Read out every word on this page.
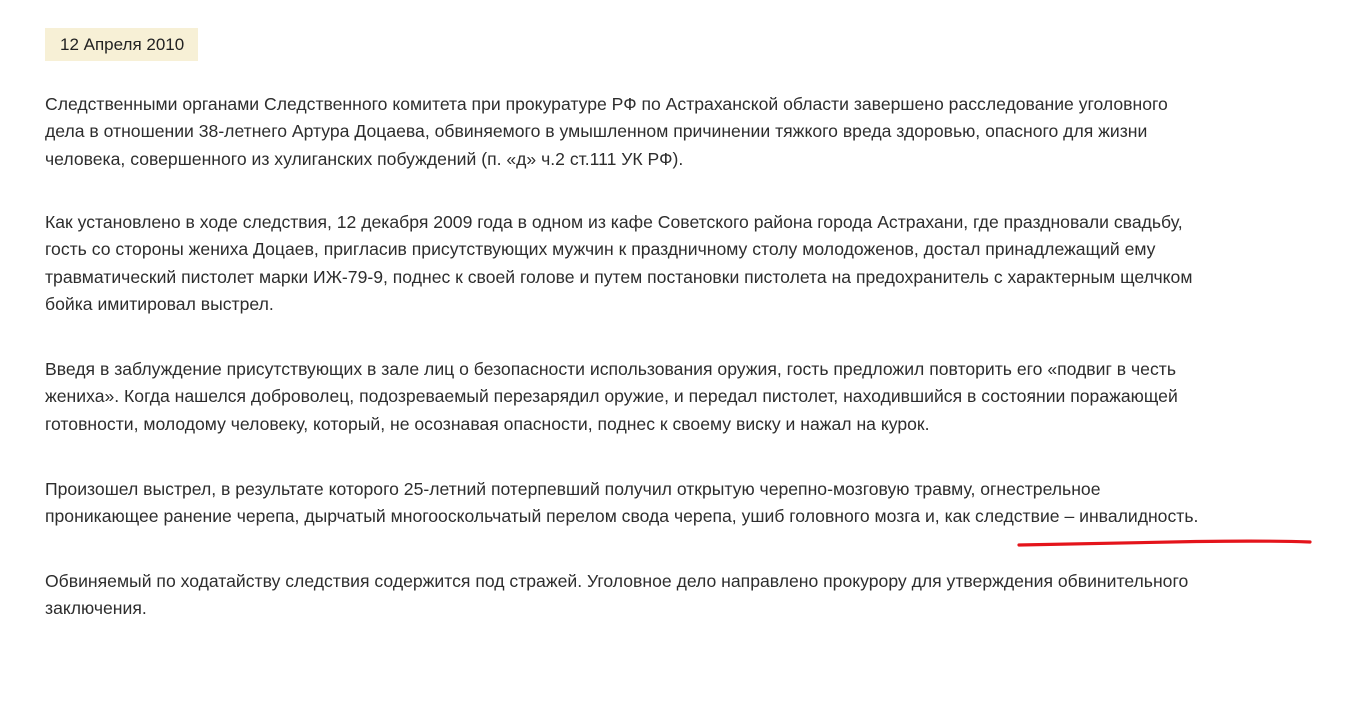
12 Апреля 2010
Следственными органами Следственного комитета при прокуратуре РФ по Астраханской области завершено расследование уголовного
дела в отношении 38-летнего Артура Доцаева, обвиняемого в умышленном причинении тяжкого вреда здоровью, опасного для жизни
человека, совершенного из хулиганских побуждений (п. «д» ч.2 ст.111 УК РФ).
Как установлено в ходе следствия, 12 декабря 2009 года в одном из кафе Советского района города Астрахани, где праздновали свадьбу,
гость со стороны жениха Доцаев, пригласив присутствующих мужчин к праздничному столу молодоженов, достал принадлежащий ему
травматический пистолет марки ИЖ-79-9, поднес к своей голове и путем постановки пистолета на предохранитель с характерным щелчком
бойка имитировал выстрел.
Введя в заблуждение присутствующих в зале лиц о безопасности использования оружия, гость предложил повторить его «подвиг в честь
жениха». Когда нашелся доброволец, подозреваемый перезарядил оружие, и передал пистолет, находившийся в состоянии поражающей
готовности, молодому человеку, который, не осознавая опасности, поднес к своему виску и нажал на курок.
Произошел выстрел, в результате которого 25-летний потерпевший получил открытую черепно-мозговую травму, огнестрельное
проникающее ранение черепа, дырчатый многооскольчатый перелом свода черепа, ушиб головного мозга и, как следствие – инвалидность.
Обвиняемый по ходатайству следствия содержится под стражей. Уголовное дело направлено прокурору для утверждения обвинительного
заключения.
